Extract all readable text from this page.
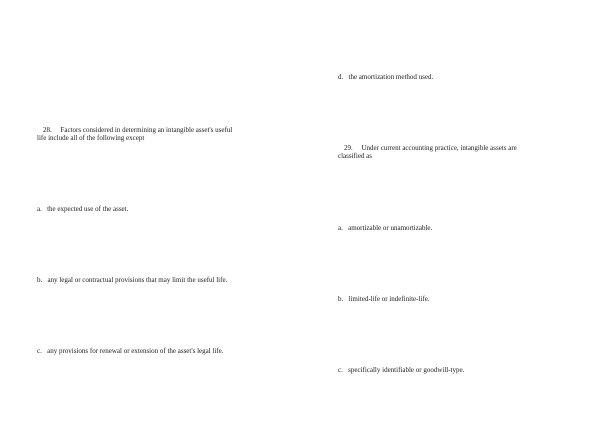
28. Factors considered in determining an intangible asset's useful
life include all of the following except
a. the expected use of the asset.
b. any legal or contractual provisions that may limit the useful life.
c. any provisions for renewal or extension of the asset's legal life.
d. the amortization method used.
29. Under current accounting practice, intangible assets are
classified as
a. amortizable or unamortizable.
b. limited-life or indefinite-life.
c. specifically identifiable or goodwill-type.
